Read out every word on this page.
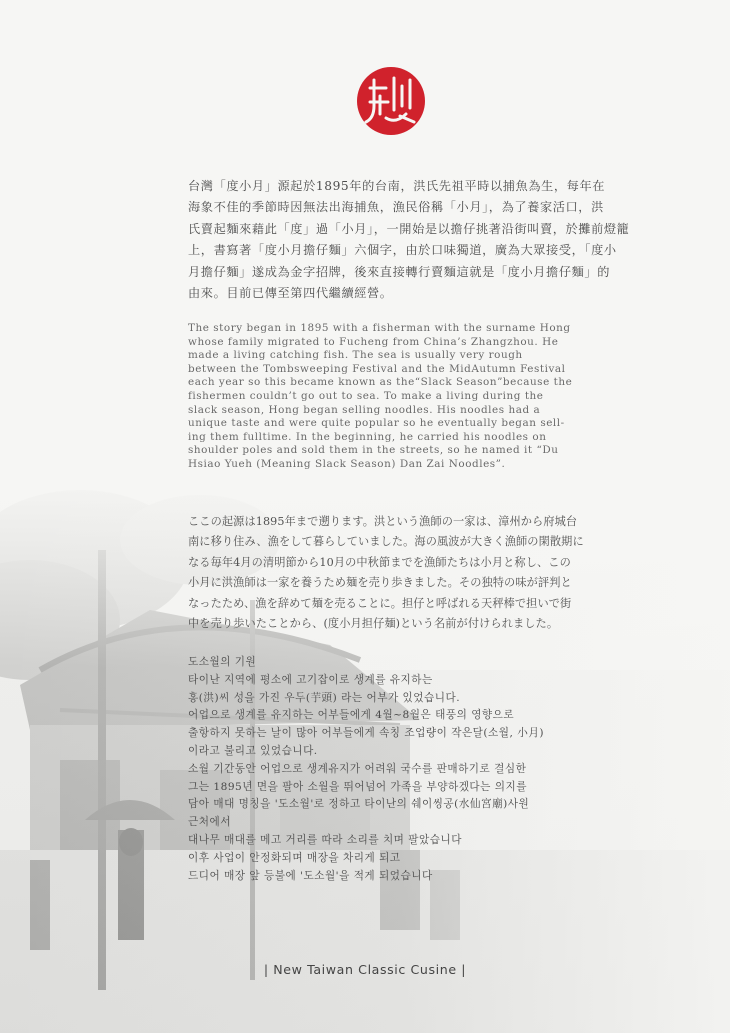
台灣「度小月」源起於1895年的台南，洪氏先祖平時以捕魚為生，每年在

海象不佳的季節時因無法出海捕魚，漁民俗稱「小月」，為了養家活口，洪

氏賣起麵來藉此「度」過「小月」，一開始是以擔仔挑著沿街叫賣，於攤前燈籠

上，書寫著「度小月擔仔麵」六個字，由於口味獨道，廣為大眾接受，「度小

月擔仔麵」遂成為金字招牌，後來直接轉行賣麵這就是「度小月擔仔麵」的

由來。目前已傳至第四代繼續經營。

The story began in 1895 with a fisherman with the surname Hong

whose family migrated to Fucheng from China’s Zhangzhou. He

made a living catching fish. The sea is usually very rough

between the Tombsweeping Festival and the MidAutumn Festival

each year so this became known as the“Slack Season”because the

fishermen couldn’t go out to sea. To make a living during the

slack season, Hong began selling noodles. His noodles had a

unique taste and were quite popular so he eventually began sell-

ing them fulltime. In the beginning, he carried his noodles on

shoulder poles and sold them in the streets, so he named it “Du

Hsiao Yueh (Meaning Slack Season) Dan Zai Noodles”.

ここの起源は1895年まで遡ります。洪という漁師の一家は、漳州から府城台

南に移り住み、漁をして暮らしていました。海の風波が大きく漁師の閑散期に

なる毎年4月の清明節から10月の中秋節までを漁師たちは小月と称し、この

小月に洪漁師は一家を養うため麺を売り歩きました。その独特の味が評判と

なったため、漁を辞めて麺を売ることに。担仔と呼ばれる天秤棒で担いで街

中を売り歩いたことから、(度小月担仔麺)という名前が付けられました。

도소월의 기원

타이난 지역에 평소에 고기잡이로 생계를 유지하는

홍(洪)씨 성을 가진 우두(芋頭) 라는 어부가 있었습니다.

어업으로 생계를 유지하는 어부들에게 4월~8월은 태풍의 영향으로

출항하지 못하는 날이 많아 어부들에게 속칭 조업량이 작은달(소월, 小月)

이라고 불리고 있었습니다.

소월 기간동안 어업으로 생계유지가 어려워 국수를 판매하기로 결심한

그는 1895년 면을 팔아 소월을 뛰어넘어 가족을 부양하겠다는 의지를

담아 매대 명칭을 '도소월'로 정하고 타이난의 쉐이씽공(水仙宮廟)사원

근처에서

대나무 매대를 메고 거리를 따라 소리를 치며 팔았습니다

이후 사업이 안정화되며 매장을 차리게 되고

드디어 매장 앞 등불에 '도소월'을 적게 되었습니다

| New Taiwan Classic Cusine |
